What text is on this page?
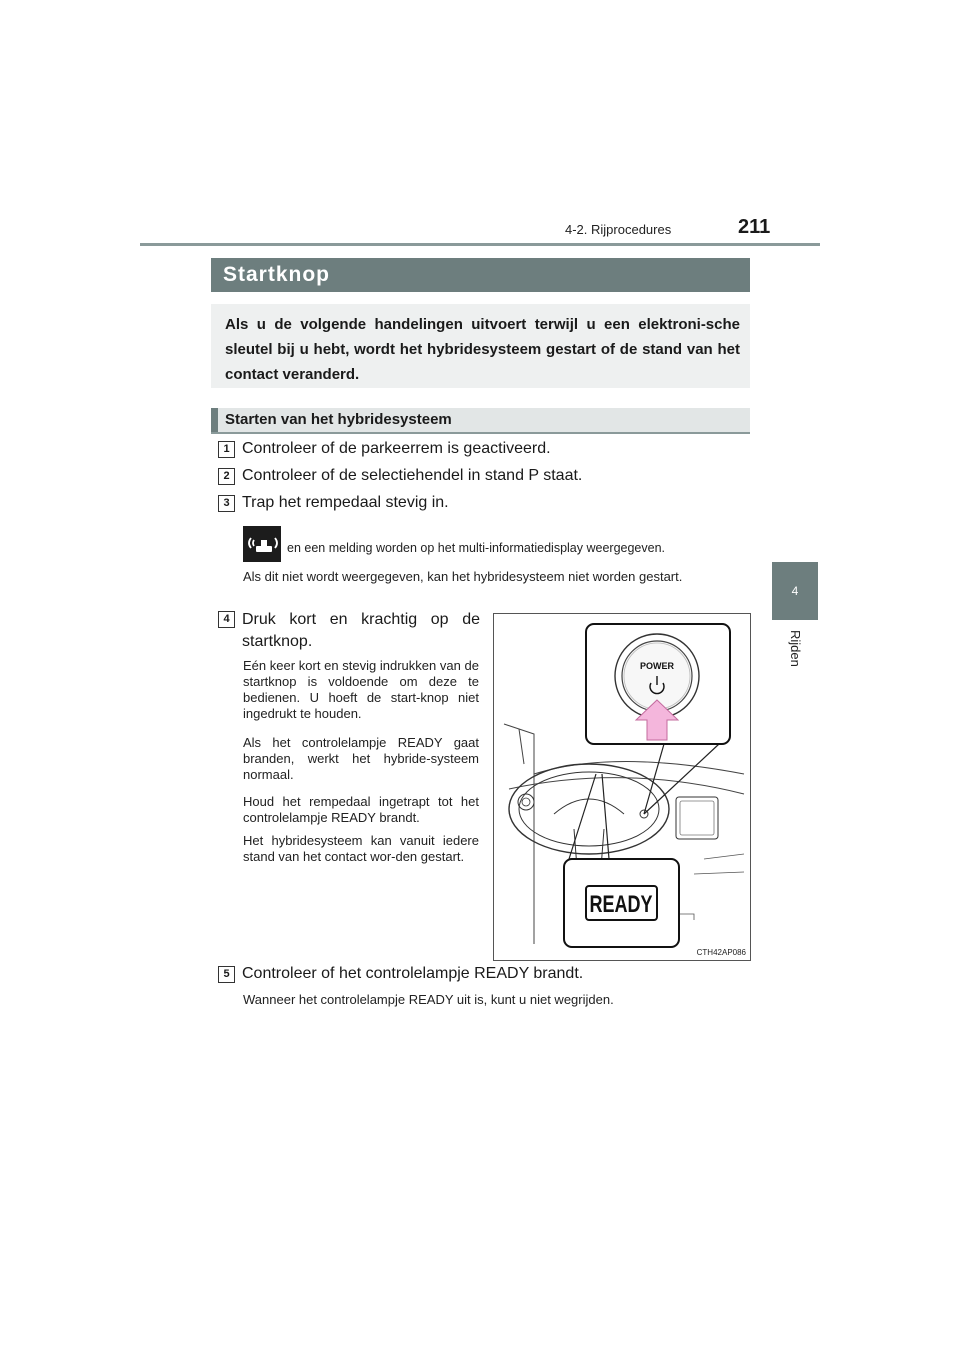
4-2. Rijprocedures	211
4
Rijden
Startknop

Als u de volgende handelingen uitvoert terwijl u een elektroni-sche sleutel bij u hebt, wordt het hybridesysteem gestart of de stand van het contact veranderd.

Starten van het hybridesysteem
1 Controleer of de parkeerrem is geactiveerd.
2 Controleer of de selectiehendel in stand P staat.
3 Trap het rempedaal stevig in.
en een melding worden op het multi-informatiedisplay weergegeven.
Als dit niet wordt weergegeven, kan het hybridesysteem niet worden gestart.
4 Druk kort en krachtig op de startknop.
Eén keer kort en stevig indrukken van de startknop is voldoende om deze te bedienen. U hoeft de start-knop niet ingedrukt te houden.
Als het controlelampje READY gaat branden, werkt het hybride-systeem normaal.
Houd het rempedaal ingetrapt tot het controlelampje READY brandt.
Het hybridesysteem kan vanuit iedere stand van het contact wor-den gestart.
POWER
READY
CTH42AP086
5 Controleer of het controlelampje READY brandt.
Wanneer het controlelampje READY uit is, kunt u niet wegrijden.
